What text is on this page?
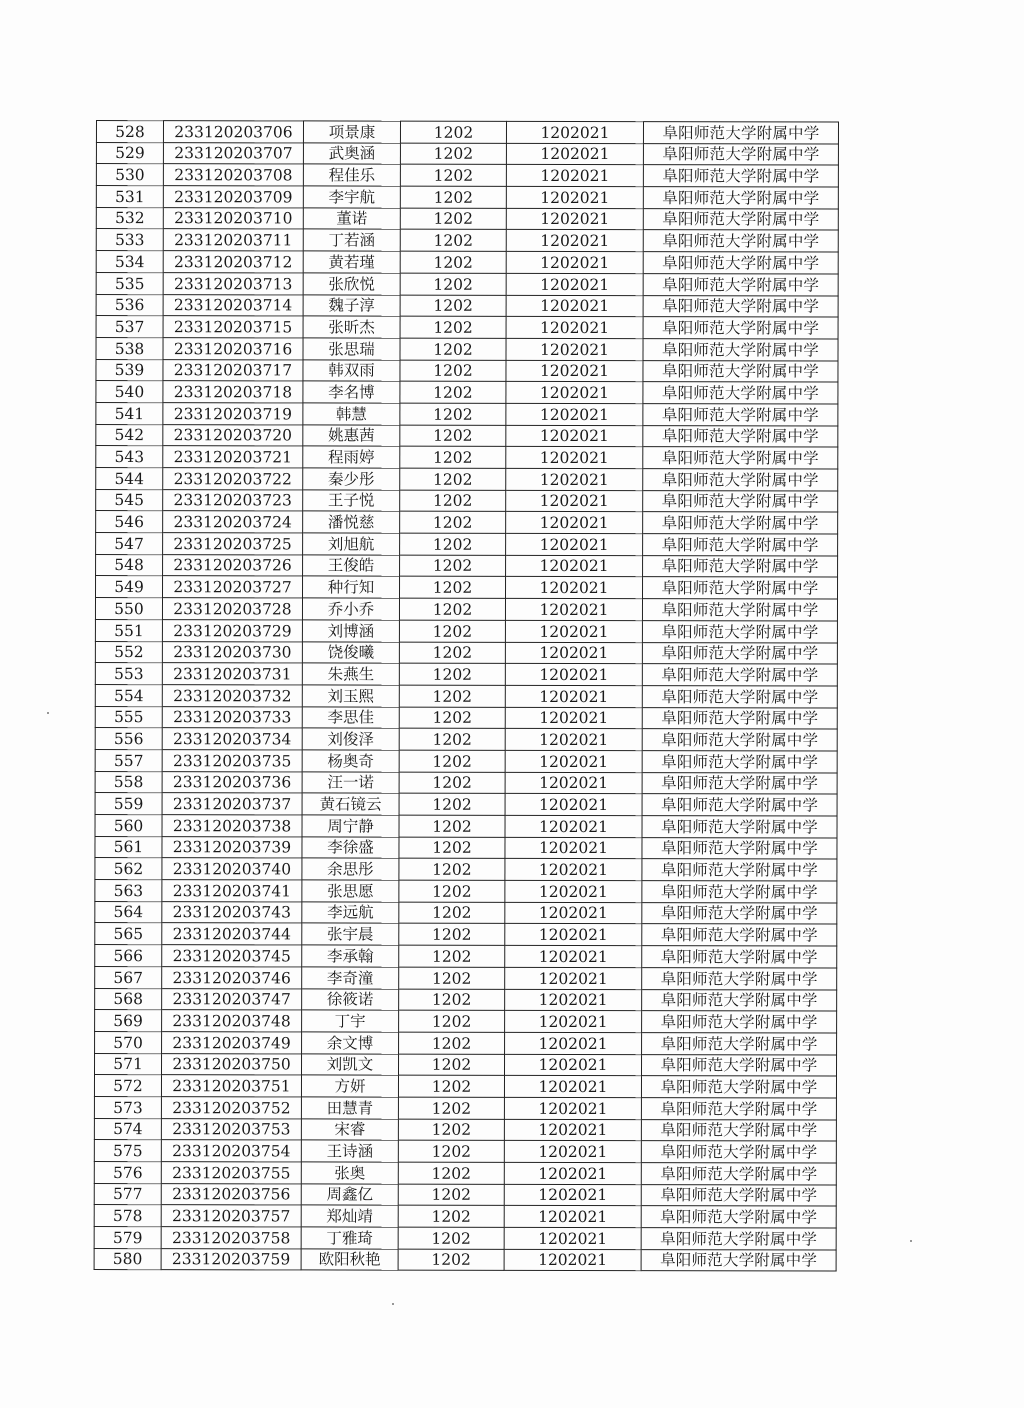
528	233120203706	项景康	1202	1202021	阜阳师范大学附属中学
529	233120203707	武奥涵	1202	1202021	阜阳师范大学附属中学
530	233120203708	程佳乐	1202	1202021	阜阳师范大学附属中学
531	233120203709	李宇航	1202	1202021	阜阳师范大学附属中学
532	233120203710	董诺	1202	1202021	阜阳师范大学附属中学
533	233120203711	丁若涵	1202	1202021	阜阳师范大学附属中学
534	233120203712	黄若瑾	1202	1202021	阜阳师范大学附属中学
535	233120203713	张欣悦	1202	1202021	阜阳师范大学附属中学
536	233120203714	魏子淳	1202	1202021	阜阳师范大学附属中学
537	233120203715	张昕杰	1202	1202021	阜阳师范大学附属中学
538	233120203716	张思瑞	1202	1202021	阜阳师范大学附属中学
539	233120203717	韩双雨	1202	1202021	阜阳师范大学附属中学
540	233120203718	李名博	1202	1202021	阜阳师范大学附属中学
541	233120203719	韩慧	1202	1202021	阜阳师范大学附属中学
542	233120203720	姚惠茜	1202	1202021	阜阳师范大学附属中学
543	233120203721	程雨婷	1202	1202021	阜阳师范大学附属中学
544	233120203722	秦少彤	1202	1202021	阜阳师范大学附属中学
545	233120203723	王子悦	1202	1202021	阜阳师范大学附属中学
546	233120203724	潘悦慈	1202	1202021	阜阳师范大学附属中学
547	233120203725	刘旭航	1202	1202021	阜阳师范大学附属中学
548	233120203726	王俊皓	1202	1202021	阜阳师范大学附属中学
549	233120203727	种行知	1202	1202021	阜阳师范大学附属中学
550	233120203728	乔小乔	1202	1202021	阜阳师范大学附属中学
551	233120203729	刘博涵	1202	1202021	阜阳师范大学附属中学
552	233120203730	饶俊曦	1202	1202021	阜阳师范大学附属中学
553	233120203731	朱燕生	1202	1202021	阜阳师范大学附属中学
554	233120203732	刘玉熙	1202	1202021	阜阳师范大学附属中学
555	233120203733	李思佳	1202	1202021	阜阳师范大学附属中学
556	233120203734	刘俊泽	1202	1202021	阜阳师范大学附属中学
557	233120203735	杨奥奇	1202	1202021	阜阳师范大学附属中学
558	233120203736	汪一诺	1202	1202021	阜阳师范大学附属中学
559	233120203737	黄石镜云	1202	1202021	阜阳师范大学附属中学
560	233120203738	周宁静	1202	1202021	阜阳师范大学附属中学
561	233120203739	李徐盛	1202	1202021	阜阳师范大学附属中学
562	233120203740	余思彤	1202	1202021	阜阳师范大学附属中学
563	233120203741	张思愿	1202	1202021	阜阳师范大学附属中学
564	233120203743	李远航	1202	1202021	阜阳师范大学附属中学
565	233120203744	张宇晨	1202	1202021	阜阳师范大学附属中学
566	233120203745	李承翰	1202	1202021	阜阳师范大学附属中学
567	233120203746	李奇潼	1202	1202021	阜阳师范大学附属中学
568	233120203747	徐筱诺	1202	1202021	阜阳师范大学附属中学
569	233120203748	丁宇	1202	1202021	阜阳师范大学附属中学
570	233120203749	余文博	1202	1202021	阜阳师范大学附属中学
571	233120203750	刘凯文	1202	1202021	阜阳师范大学附属中学
572	233120203751	方妍	1202	1202021	阜阳师范大学附属中学
573	233120203752	田慧青	1202	1202021	阜阳师范大学附属中学
574	233120203753	宋睿	1202	1202021	阜阳师范大学附属中学
575	233120203754	王诗涵	1202	1202021	阜阳师范大学附属中学
576	233120203755	张奥	1202	1202021	阜阳师范大学附属中学
577	233120203756	周鑫亿	1202	1202021	阜阳师范大学附属中学
578	233120203757	郑灿靖	1202	1202021	阜阳师范大学附属中学
579	233120203758	丁雅琦	1202	1202021	阜阳师范大学附属中学
580	233120203759	欧阳秋艳	1202	1202021	阜阳师范大学附属中学
